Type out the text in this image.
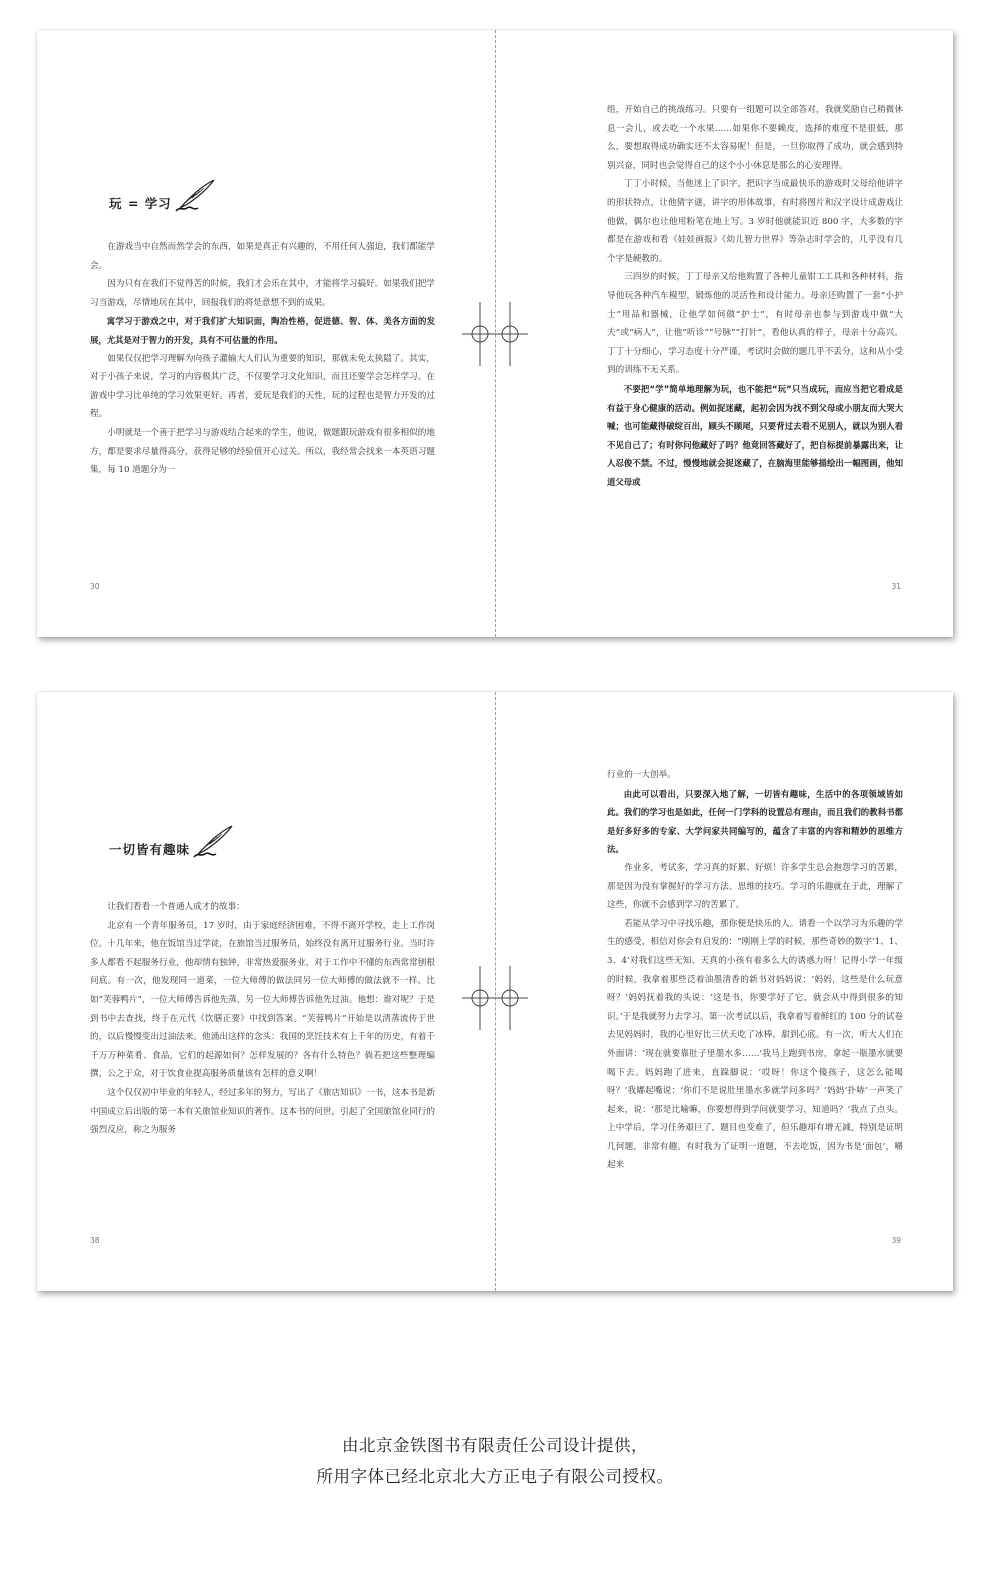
玩 = 学习

在游戏当中自然而然学会的东西，如果是真正有兴趣的，不用任何人强迫，我们都能学会。

因为只有在我们不觉得苦的时候，我们才会乐在其中，才能将学习搞好。如果我们把学习当游戏，尽情地玩在其中，回报我们的将是意想不到的成果。

寓学习于游戏之中，对于我们扩大知识面，陶冶性格，促进德、智、体、美各方面的发展，尤其是对于智力的开发，具有不可估量的作用。

如果仅仅把学习理解为向孩子灌输大人们认为重要的知识，那就未免太狭隘了。其实，对于小孩子来说，学习的内容极其广泛，不仅要学习文化知识，而且还要学会怎样学习。在游戏中学习比单纯的学习效果更好。再者，爱玩是我们的天性，玩的过程也是智力开发的过程。

小明就是一个善于把学习与游戏结合起来的学生，他说，做题跟玩游戏有很多相似的地方，都是要求尽量得高分，获得足够的经验值开心过关。所以，我经常会找来一本英语习题集，每 10 道题分为一

30

组，开始自己的挑战练习。只要有一组题可以全部答对，我就奖励自己稍微休息一会儿，或去吃一个水果……如果你不要赖皮，选择的难度不是很低，那么，要想取得成功确实还不太容易呢！但是，一旦你取得了成功，就会感到特别兴奋，同时也会觉得自己的这个小小休息是那么的心安理得。

丁丁小时候，当他迷上了识字，把识字当成最快乐的游戏时父母给他讲字的形状特点，让他猜字谜，讲字的形体故事，有时将图片和汉字设计成游戏让他做，偶尔也让他用粉笔在地上写。3 岁时他就能识近 800 字，大多数的字都是在游戏和看《娃娃画报》《幼儿智力世界》等杂志时学会的，几乎没有几个字是硬教的。

三四岁的时候，丁丁母亲又给他购置了各种儿童钳工工具和各种材料，指导他玩各种汽车模型，锻炼他的灵活性和设计能力。母亲还购置了一套“小护士”用品和器械，让他学如何做“护士”，有时母亲也参与到游戏中做“大夫”或“病人”，让他“听诊”“号脉”“打针”，看他认真的样子，母亲十分高兴。丁丁十分细心，学习态度十分严谨，考试时会做的题几乎不丢分，这和从小受到的训练不无关系。

不要把“学”简单地理解为玩，也不能把“玩”只当成玩，而应当把它看成是有益于身心健康的活动。例如捉迷藏，起初会因为找不到父母或小朋友而大哭大喊；也可能藏得破绽百出，顾头不顾尾，只要背过去看不见别人，就以为别人看不见自己了；有时你问他藏好了吗？他竟回答藏好了，把自标提前暴露出来，让人忍俊不禁。不过，慢慢地就会捉迷藏了，在脑海里能够描绘出一幅图画，他知道父母或

31
一切皆有趣味

让我们看看一个普通人成才的故事：

北京有一个青年服务员，17 岁时，由于家庭经济困难，不得不离开学校，走上工作岗位。十几年来，他在饭馆当过学徒，在旅馆当过服务员，始终没有离开过服务行业。当时许多人都看不起服务行业，他却情有独钟，非常热爱服务业，对于工作中不懂的东西常常刨根问底。有一次，他发现同一道菜，一位大师傅的做法同另一位大师傅的做法就不一样。比如“芙蓉鸭片”，一位大师傅告诉他先蒸，另一位大师傅告诉他先过油。他想：谁对呢？于是到书中去查找，终于在元代《饮膳正要》中找到答案。“芙蓉鸭片”开始是以清蒸流传于世的，以后慢慢变出过油法来。他涌出这样的念头：我国的烹饪技术有上千年的历史，有着千千万万种菜肴、食品，它们的起源如何？怎样发展的？各有什么特色？倘若把这些整理编撰，公之于众，对于饮食业提高服务质量该有怎样的意义啊！

这个仅仅初中毕业的年轻人，经过多年的努力，写出了《旅店知识》一书，这本书是新中国成立后出版的第一本有关旅馆业知识的著作。这本书的问世，引起了全国旅馆业同行的强烈反应，称之为服务

38

行业的一大创举。

由此可以看出，只要深入地了解，一切皆有趣味，生活中的各项领域皆如此。我们的学习也是如此，任何一门学科的设置总有理由，而且我们的教科书都是好多好多的专家、大学问家共同编写的，蕴含了丰富的内容和精妙的思维方法。

作业多，考试多，学习真的好累、好烦！许多学生总会抱怨学习的苦累，那是因为没有掌握好的学习方法、思维的技巧。学习的乐趣就在于此，理解了这些，你就不会感到学习的苦累了。

若能从学习中寻找乐趣，那你便是快乐的人。请看一个以学习为乐趣的学生的感受，相信对你会有启发的：“刚刚上学的时候，那些奇妙的数字‘1、1、3、4’对我们这些无知、天真的小孩有着多么大的诱惑力呀！记得小学一年级的时候，我拿着那些泛着油墨清香的新书对妈妈说：‘妈妈，这些是什么玩意呀？’妈妈抚着我的头说：‘这是书，你要学好了它，就会从中得到很多的知识。’于是我就努力去学习。第一次考试以后，我拿着写着鲜红的 100 分的试卷去见妈妈时，我的心里好比三伏天吃了冰棒，甜到心底。有一次，听大人们在外面讲：‘现在就要靠肚子里墨水多……’我马上跑到书房，拿起一瓶墨水就要喝下去。妈妈跑了进来，直跺脚说：‘哎呀！你这个傻孩子，这怎么能喝呀？’我嘟起嘴说：‘你们不是说肚里墨水多就学问多吗？’妈妈‘扑哧’一声笑了起来，说：‘那是比喻嘛，你要想得到学问就要学习，知道吗？’我点了点头。上中学后，学习任务艰巨了，题目也变难了，但乐趣却有增无减，特别是证明几何题，非常有趣。有时我为了证明一道题，不去吃饭，因为书是‘面包’，嚼起来

39
由北京金铁图书有限责任公司设计提供，
所用字体已经北京北大方正电子有限公司授权。
